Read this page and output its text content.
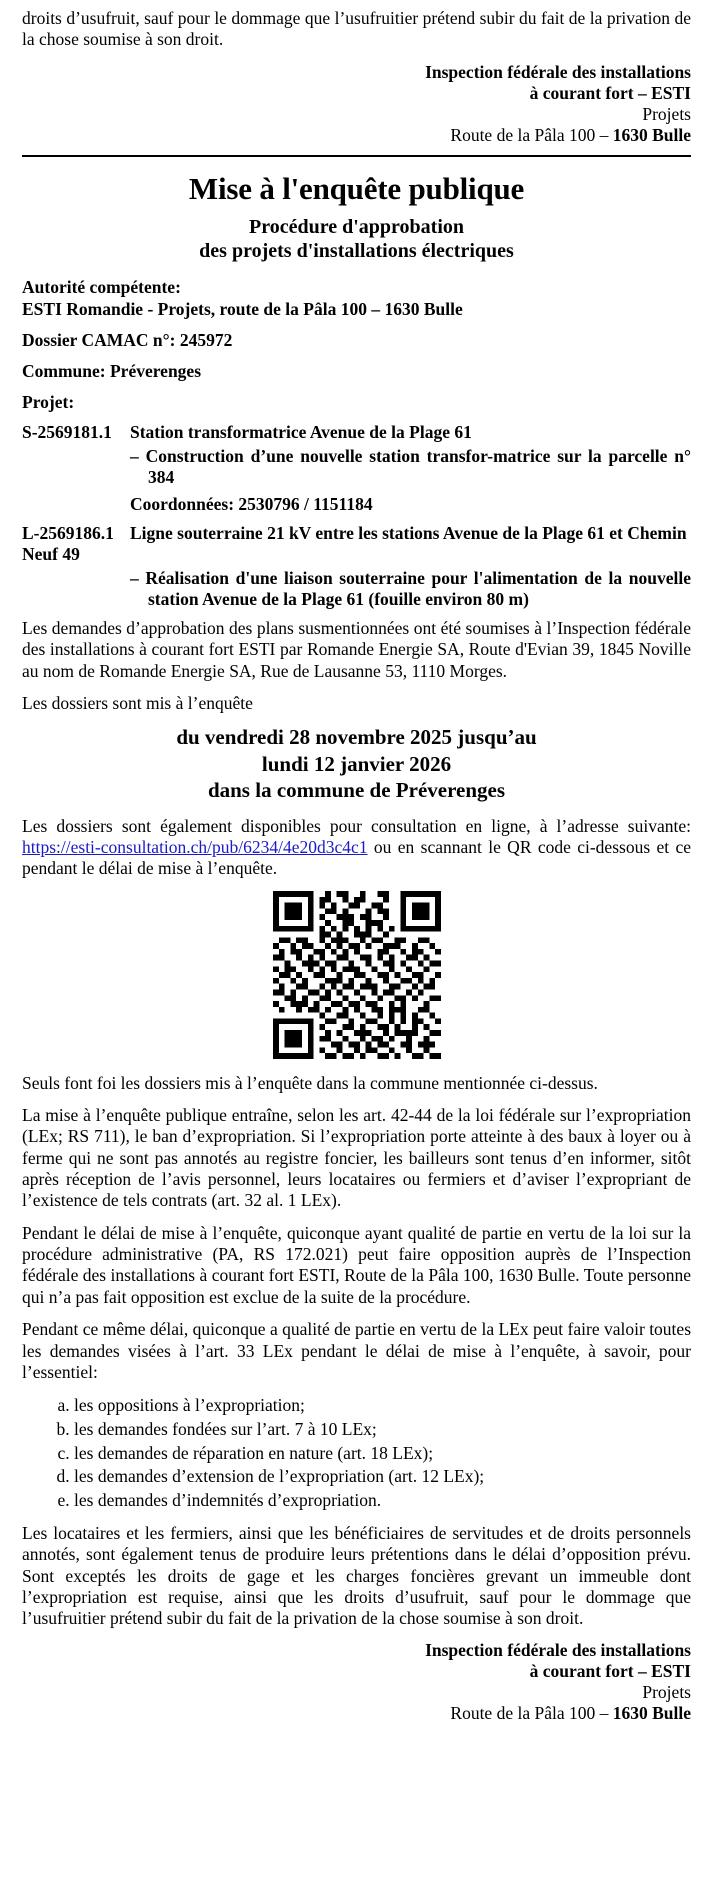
droits d’usufruit, sauf pour le dommage que l’usufruitier prétend subir du fait de la privation de la chose soumise à son droit.

Inspection fédérale des installations
à courant fort – ESTI
Projets
Route de la Pâla 100 – 1630 Bulle
Mise à l'enquête publique
Procédure d'approbation
des projets d'installations électriques
Autorité compétente:
ESTI Romandie - Projets, route de la Pâla 100 – 1630 Bulle
Dossier CAMAC n°: 245972
Commune: Préverenges
Projet:
S-2569181.1 Station transformatrice Avenue de la Plage 61
– Construction d’une nouvelle station transfor-matrice sur la parcelle n° 384
Coordonnées: 2530796 / 1151184
L-2569186.1 Ligne souterraine 21 kV entre les stations Avenue de la Plage 61 et Chemin Neuf 49
– Réalisation d'une liaison souterraine pour l'alimentation de la nouvelle station Avenue de la Plage 61 (fouille environ 80 m)

Les demandes d’approbation des plans susmentionnées ont été soumises à l’Inspection fédérale des installations à courant fort ESTI par Romande Energie SA, Route d'Evian 39, 1845 Noville au nom de Romande Energie SA, Rue de Lausanne 53, 1110 Morges.

Les dossiers sont mis à l’enquête

du vendredi 28 novembre 2025 jusqu’au
lundi 12 janvier 2026
dans la commune de Préverenges

Les dossiers sont également disponibles pour consultation en ligne, à l’adresse suivante: https://esti-consultation.ch/pub/6234/4e20d3c4c1 ou en scannant le QR code ci-dessous et ce pendant le délai de mise à l’enquête.

Seuls font foi les dossiers mis à l’enquête dans la commune mentionnée ci-dessus.

La mise à l’enquête publique entraîne, selon les art. 42-44 de la loi fédérale sur l’expropriation (LEx; RS 711), le ban d’expropriation. Si l’expropriation porte atteinte à des baux à loyer ou à ferme qui ne sont pas annotés au registre foncier, les bailleurs sont tenus d’en informer, sitôt après réception de l’avis personnel, leurs locataires ou fermiers et d’aviser l’expropriant de l’existence de tels contrats (art. 32 al. 1 LEx).

Pendant le délai de mise à l’enquête, quiconque ayant qualité de partie en vertu de la loi sur la procédure administrative (PA, RS 172.021) peut faire opposition auprès de l’Inspection fédérale des installations à courant fort ESTI, Route de la Pâla 100, 1630 Bulle. Toute personne qui n’a pas fait opposition est exclue de la suite de la procédure.

Pendant ce même délai, quiconque a qualité de partie en vertu de la LEx peut faire valoir toutes les demandes visées à l’art. 33 LEx pendant le délai de mise à l’enquête, à savoir, pour l’essentiel:

a. les oppositions à l’expropriation;
b. les demandes fondées sur l’art. 7 à 10 LEx;
c. les demandes de réparation en nature (art. 18 LEx);
d. les demandes d’extension de l’expropriation (art. 12 LEx);
e. les demandes d’indemnités d’expropriation.

Les locataires et les fermiers, ainsi que les bénéficiaires de servitudes et de droits personnels annotés, sont également tenus de produire leurs prétentions dans le délai d’opposition prévu. Sont exceptés les droits de gage et les charges foncières grevant un immeuble dont l’expropriation est requise, ainsi que les droits d’usufruit, sauf pour le dommage que l’usufruitier prétend subir du fait de la privation de la chose soumise à son droit.

Inspection fédérale des installations
à courant fort – ESTI
Projets
Route de la Pâla 100 – 1630 Bulle
